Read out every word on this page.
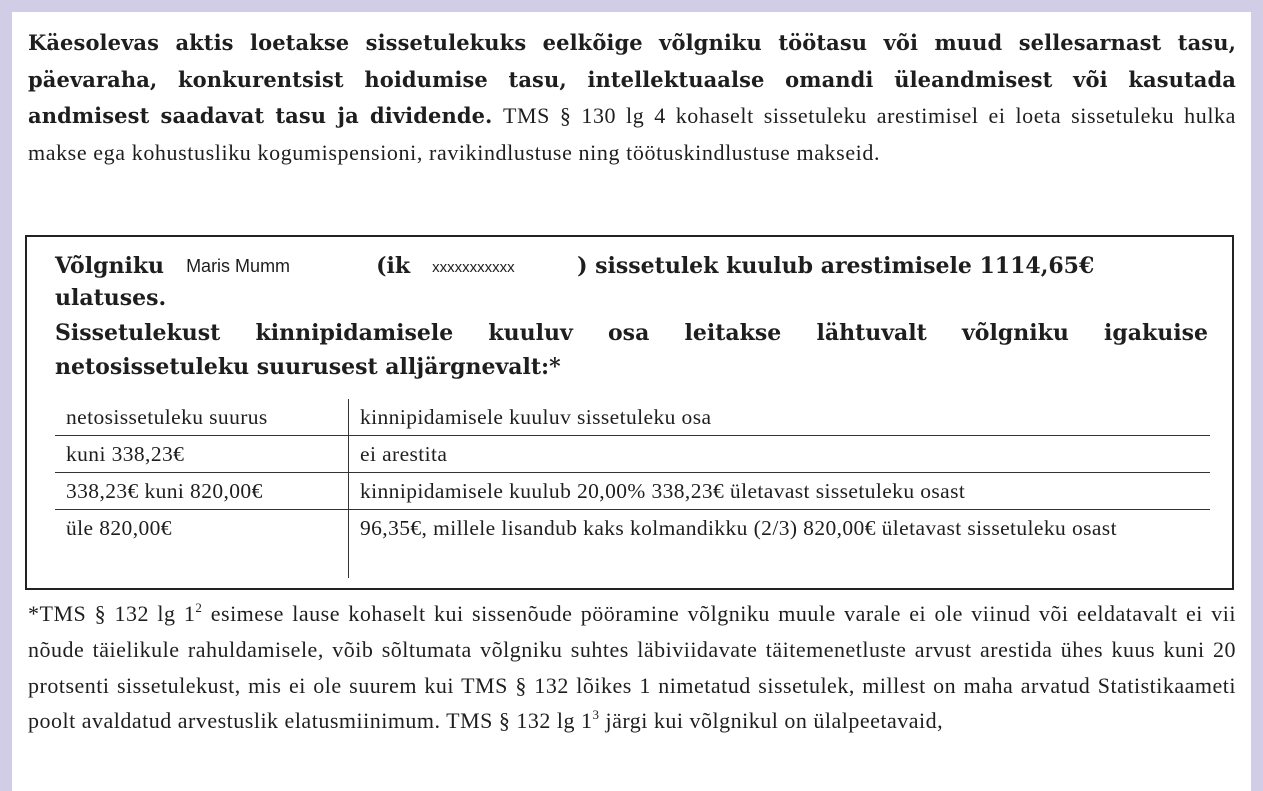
Käesolevas aktis loetakse sissetulekuks eelkõige võlgniku töötasu või muud sellesarnast tasu, päevaraha, konkurentsist hoidumise tasu, intellektuaalse omandi üleandmisest või kasutada andmisest saadavat tasu ja dividende. TMS § 130 lg 4 kohaselt sissetuleku arestimisel ei loeta sissetuleku hulka makse ega kohustusliku kogumispensioni, ravikindlustuse ning töötuskindlustuse makseid.

Võlgniku Maris Mumm	(ik xxxxxxxxxxx	) sissetulek kuulub arestimisele 1114,65€

ulatuses.

Sissetulekust kinnipidamisele kuuluv osa leitakse lähtuvalt võlgniku igakuise

netosissetuleku suurusest alljärgnevalt:*

netosissetuleku suurus	kinnipidamisele kuuluv sissetuleku osa
kuni 338,23€	ei arestita
338,23€ kuni 820,00€	kinnipidamisele kuulub 20,00% 338,23€ ületavast sissetuleku osast
üle 820,00€	96,35€, millele lisandub kaks kolmandikku (2/3) 820,00€ ületavast sissetuleku osast

*TMS § 132 $\lg 1^2$ esimese lause kohaselt kui sissenõude pööramine võlgniku muule varale ei ole viinud või eeldatavalt ei vii nõude täielikule rahuldamisele, võib sõltumata võlgniku suhtes läbiviidavate täitemenetluste arvust arestida ühes kuus kuni 20 protsenti sissetulekust, mis ei ole suurem kui TMS § 132 lõikes 1 nimetatud sissetulek, millest on maha arvatud Statistikaameti poolt avaldatud arvestuslik elatusmiinimum. TMS § 132 $\lg 1^3$ järgi kui võlgnikul on ülalpeetavaid,
